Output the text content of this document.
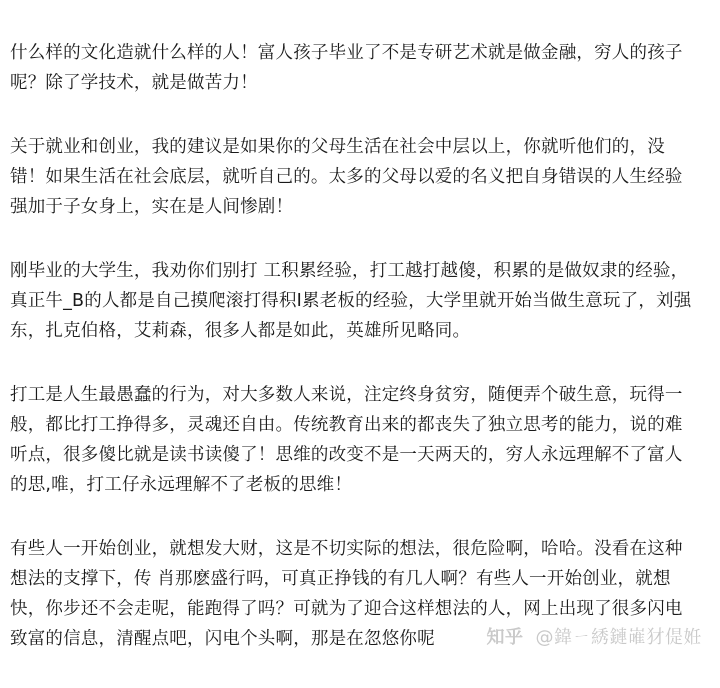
什么样的文化造就什么样的人！富人孩子毕业了不是专研艺术就是做金融，穷人的孩子
呢？除了学技术，就是做苦力！

关于就业和创业，我的建议是如果你的父母生活在社会中层以上，你就听他们的，没
错！如果生活在社会底层，就听自己的。太多的父母以爱的名义把自身错误的人生经验
强加于子女身上，实在是人间惨剧！

刚毕业的大学生，我劝你们别打 工积累经验，打工越打越傻，积累的是做奴隶的经验，
真正牛_B的人都是自己摸爬滚打得积I累老板的经验，大学里就开始当做生意玩了，刘强
东，扎克伯格，艾莉森，很多人都是如此，英雄所见略同。

打工是人生最愚蠢的行为，对大多数人来说，注定终身贫穷，随便弄个破生意，玩得一
般，都比打工挣得多，灵魂还自由。传统教育出来的都丧失了独立思考的能力，说的难
听点，很多傻比就是读书读傻了！思维的改变不是一天两天的，穷人永远理解不了富人
的思,唯，打工仔永远理解不了老板的思维！

有些人一开始创业，就想发大财，这是不切实际的想法，很危险啊，哈哈。没看在这种
想法的支撑下，传 肖那麽盛行吗，可真正挣钱的有几人啊？有些人一开始创业，就想
快，你步还不会走呢，能跑得了吗？可就为了迎合这样想法的人，网上出现了很多闪电
致富的信息，清醒点吧，闪电个头啊，那是在忽悠你呢	知乎 @鍏ㄧ綉鏈嶉犲偍姙
